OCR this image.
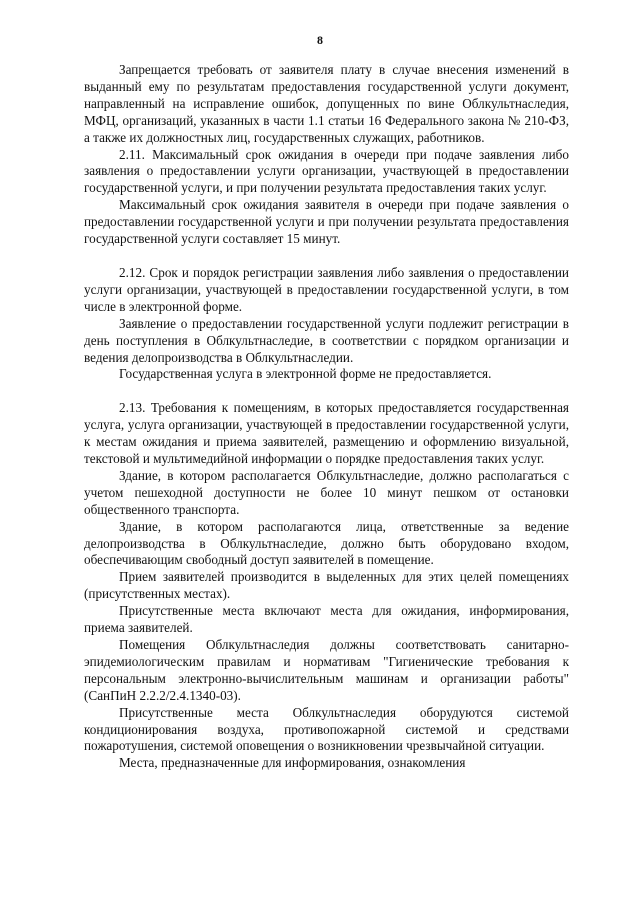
8

Запрещается требовать от заявителя плату в случае внесения изменений в выданный ему по результатам предоставления государственной услуги документ, направленный на исправление ошибок, допущенных по вине Облкультнаследия, МФЦ, организаций, указанных в части 1.1 статьи 16 Федерального закона № 210-ФЗ, а также их должностных лиц, государственных служащих, работников.

2.11. Максимальный срок ожидания в очереди при подаче заявления либо заявления о предоставлении услуги организации, участвующей в предоставлении государственной услуги, и при получении результата предоставления таких услуг.

Максимальный срок ожидания заявителя в очереди при подаче заявления о предоставлении государственной услуги и при получении результата предоставления государственной услуги составляет 15 минут.

2.12. Срок и порядок регистрации заявления либо заявления о предоставлении услуги организации, участвующей в предоставлении государственной услуги, в том числе в электронной форме.

Заявление о предоставлении государственной услуги подлежит регистрации в день поступления в Облкультнаследие, в соответствии с порядком организации и ведения делопроизводства в Облкультнаследии.

Государственная услуга в электронной форме не предоставляется.

2.13. Требования к помещениям, в которых предоставляется государственная услуга, услуга организации, участвующей в предоставлении государственной услуги, к местам ожидания и приема заявителей, размещению и оформлению визуальной, текстовой и мультимедийной информации о порядке предоставления таких услуг.

Здание, в котором располагается Облкультнаследие, должно располагаться с учетом пешеходной доступности не более 10 минут пешком от остановки общественного транспорта.

Здание, в котором располагаются лица, ответственные за ведение делопроизводства в Облкультнаследие, должно быть оборудовано входом, обеспечивающим свободный доступ заявителей в помещение.

Прием заявителей производится в выделенных для этих целей помещениях (присутственных местах).

Присутственные места включают места для ожидания, информирования, приема заявителей.

Помещения Облкультнаследия должны соответствовать санитарно-эпидемиологическим правилам и нормативам "Гигиенические требования к персональным электронно-вычислительным машинам и организации работы" (СанПиН 2.2.2/2.4.1340-03).

Присутственные места Облкультнаследия оборудуются системой кондиционирования воздуха, противопожарной системой и средствами пожаротушения, системой оповещения о возникновении чрезвычайной ситуации.

Места, предназначенные для информирования, ознакомления
